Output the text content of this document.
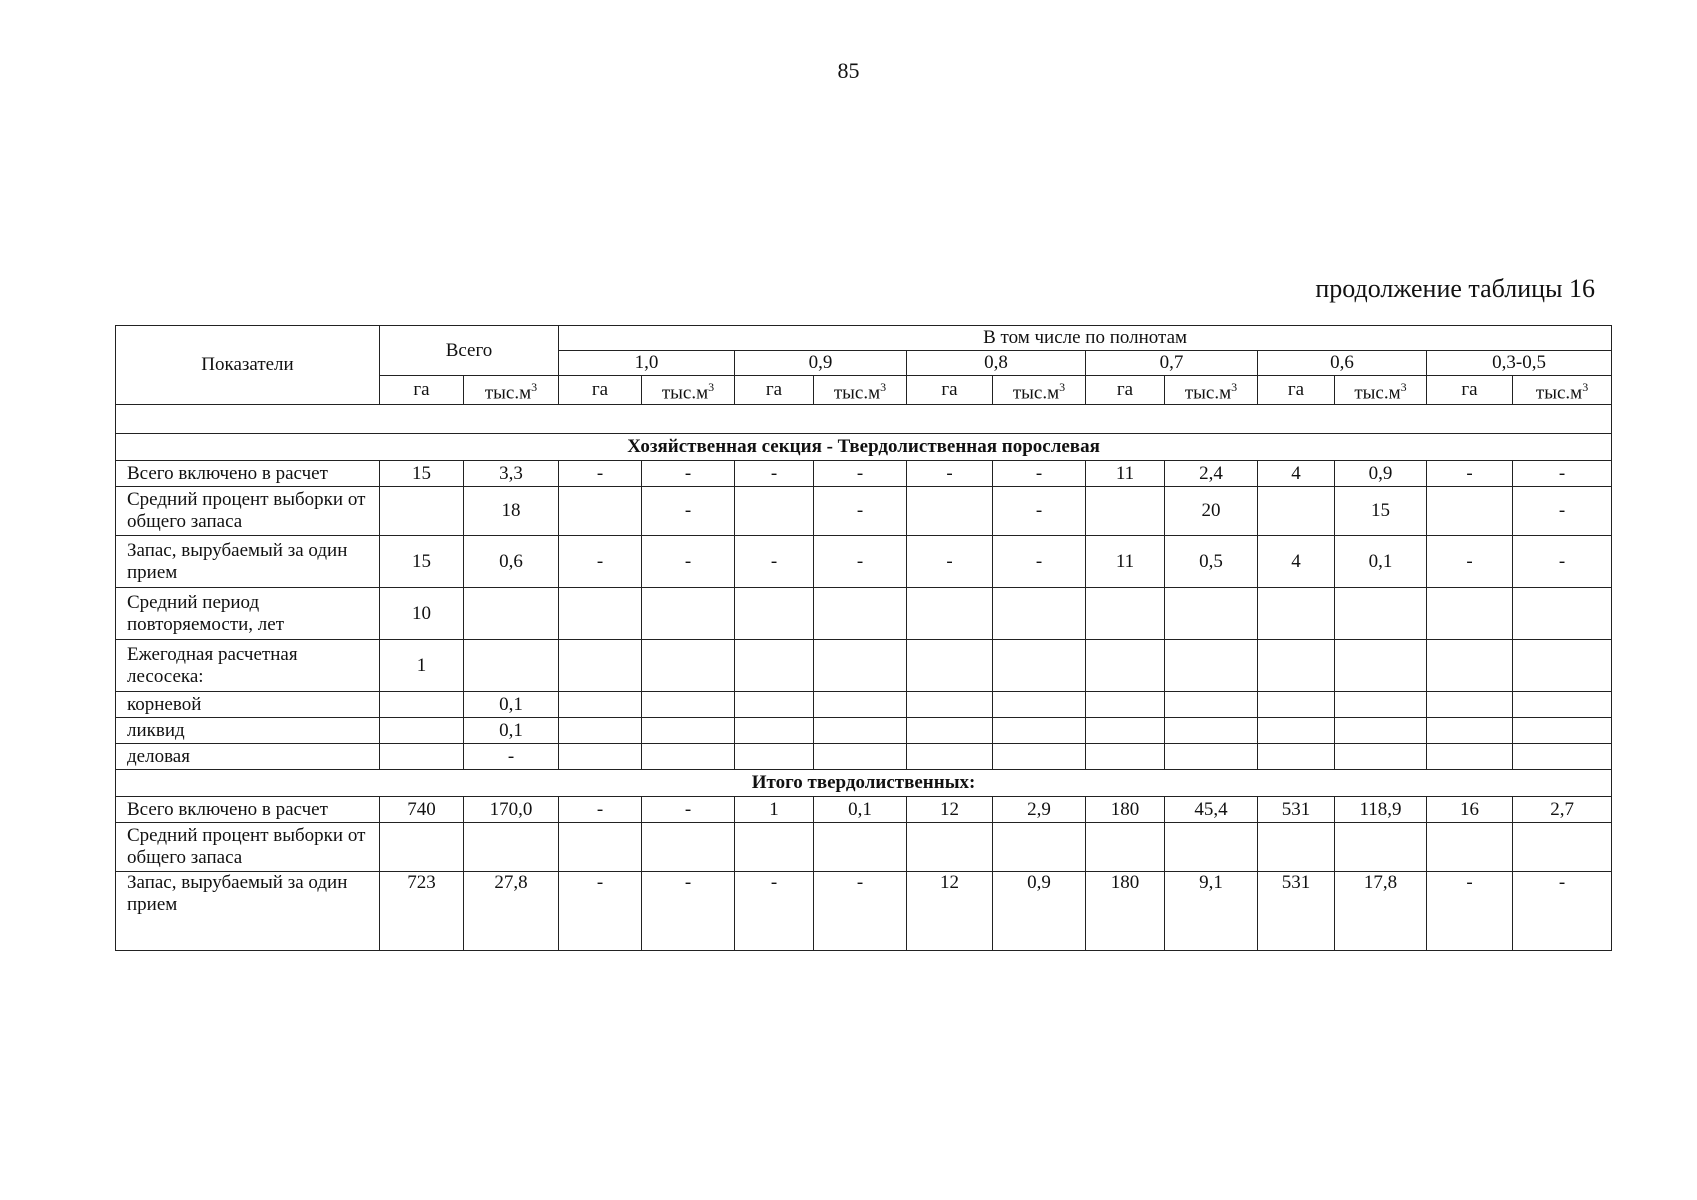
85
продолжение таблицы 16
Показатели	Всего		В том числе по полнотам											
			1,0		0,9		0,8		0,7		0,6		0,3-0,5	
	га	$тыс.м^3$	га	$тыс.м^3$	га	$тыс.м^3$	га	$тыс.м^3$	га	$тыс.м^3$	га	$тыс.м^3$	га	$тыс.м^3$

Хозяйственная секция - Твердолиственная порослевая														
Всего включено в расчет	15	3,3	-	-	-	-	-	-	11	2,4	4	0,9	-	-
Средний процент выборки от общего запаса		18		-		-		-		20		15		-
Запас, вырубаемый за один прием	15	0,6	-	-	-	-	-	-	11	0,5	4	0,1	-	-
Средний период повторяемости, лет	10													
Ежегодная расчетная лесосека:	1													
корневой		0,1												
ликвид		0,1												
деловая		-												
Итого твердолиственных:														
Всего включено в расчет	740	170,0	-	-	1	0,1	12	2,9	180	45,4	531	118,9	16	2,7
Средний процент выборки от общего запаса														
Запас, вырубаемый за один прием	723	27,8	-	-	-	-	12	0,9	180	9,1	531	17,8	-	-
